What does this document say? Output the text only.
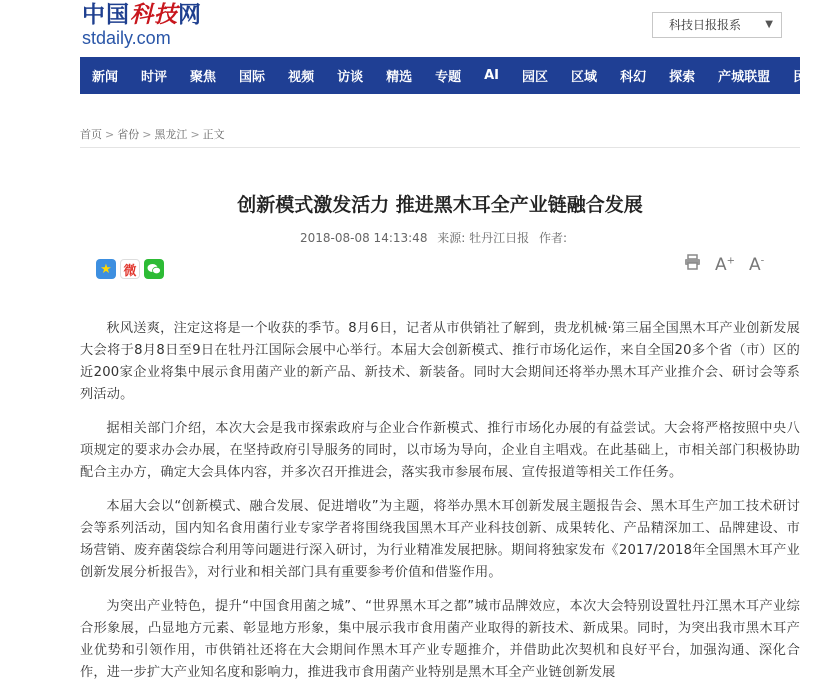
中国科技网
stdaily.com
科技日报报系 ▼
新闻 时评 聚焦 国际 视频 访谈 精选 专题 AI 园区 区域 科幻 探索 产城联盟 民生
首页 > 省份 > 黑龙江 > 正文
创新模式激发活力 推进黑木耳全产业链融合发展
2018-08-08 14:13:48 来源: 牡丹江日报 作者:
★ 微	A+ A-

秋风送爽，注定这将是一个收获的季节。8月6日，记者从市供销社了解到，贵龙机械·第三届全国黑木耳产业创新发展大会将于8月8日至9日在牡丹江国际会展中心举行。本届大会创新模式、推行市场化运作，来自全国20多个省（市）区的近200家企业将集中展示食用菌产业的新产品、新技术、新装备。同时大会期间还将举办黑木耳产业推介会、研讨会等系列活动。

据相关部门介绍，本次大会是我市探索政府与企业合作新模式、推行市场化办展的有益尝试。大会将严格按照中央八项规定的要求办会办展，在坚持政府引导服务的同时，以市场为导向，企业自主唱戏。在此基础上，市相关部门积极协助配合主办方，确定大会具体内容，并多次召开推进会，落实我市参展布展、宣传报道等相关工作任务。

本届大会以“创新模式、融合发展、促进增收”为主题，将举办黑木耳创新发展主题报告会、黑木耳生产加工技术研讨会等系列活动，国内知名食用菌行业专家学者将围绕我国黑木耳产业科技创新、成果转化、产品精深加工、品牌建设、市场营销、废弃菌袋综合利用等问题进行深入研讨，为行业精准发展把脉。期间将独家发布《2017/2018年全国黑木耳产业创新发展分析报告》，对行业和相关部门具有重要参考价值和借鉴作用。

为突出产业特色，提升“中国食用菌之城”、“世界黑木耳之都”城市品牌效应，本次大会特别设置牡丹江黑木耳产业综合形象展，凸显地方元素、彰显地方形象，集中展示我市食用菌产业取得的新技术、新成果。同时，为突出我市黑木耳产业优势和引领作用，市供销社还将在大会期间作黑木耳产业专题推介，并借助此次契机和良好平台，加强沟通、深化合作，进一步扩大产业知名度和影响力，推进我市食用菌产业特别是黑木耳全产业链创新发展
